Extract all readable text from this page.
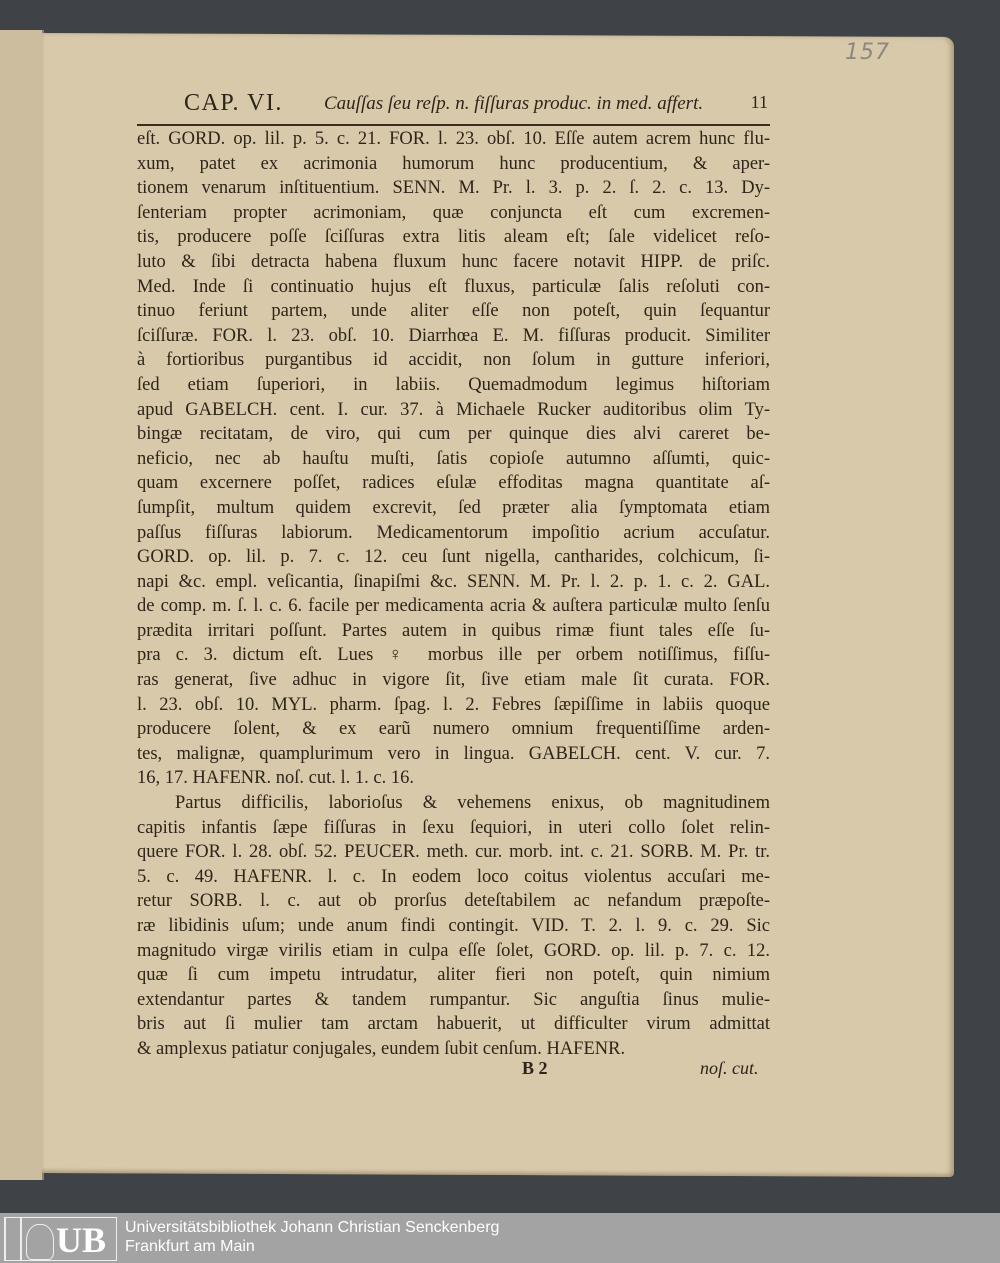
157
CAP. VI. Cauſſas ſeu reſp. n. fiſſuras produc. in med. affert.	11
eſt. GORD. op. lil. p. 5. c. 21. FOR. l. 23. obſ. 10. Eſſe autem acrem hunc flu-
xum, patet ex acrimonia humorum hunc producentium, & aper-
tionem venarum inſtituentium. SENN. M. Pr. l. 3. p. 2. ſ. 2. c. 13. Dy-
ſenteriam propter acrimoniam, quæ conjuncta eſt cum excremen-
tis, producere poſſe ſciſſuras extra litis aleam eſt; ſale videlicet reſo-
luto & ſibi detracta habena fluxum hunc facere notavit HIPP. de priſc.
Med. Inde ſi continuatio hujus eſt fluxus, particulæ ſalis reſoluti con-
tinuo feriunt partem, unde aliter eſſe non poteſt, quin ſequantur
ſciſſuræ. FOR. l. 23. obſ. 10. Diarrhœa E. M. fiſſuras producit. Similiter
à fortioribus purgantibus id accidit, non ſolum in gutture inferiori,
ſed etiam ſuperiori, in labiis. Quemadmodum legimus hiſtoriam
apud GABELCH. cent. I. cur. 37. à Michaele Rucker auditoribus olim Ty-
bingæ recitatam, de viro, qui cum per quinque dies alvi careret be-
neficio, nec ab hauſtu muſti, ſatis copioſe autumno aſſumti, quic-
quam excernere poſſet, radices eſulæ effoditas magna quantitate aſ-
ſumpſit, multum quidem excrevit, ſed præter alia ſymptomata etiam
paſſus fiſſuras labiorum. Medicamentorum impoſitio acrium accuſatur.
GORD. op. lil. p. 7. c. 12. ceu ſunt nigella, cantharides, colchicum, ſi-
napi &c. empl. veſicantia, ſinapiſmi &c. SENN. M. Pr. l. 2. p. 1. c. 2. GAL.
de comp. m. ſ. l. c. 6. facile per medicamenta acria & auſtera particulæ multo ſenſu
prædita irritari poſſunt. Partes autem in quibus rimæ fiunt tales eſſe ſu-
pra c. 3. dictum eſt. Lues ♀ morbus ille per orbem notiſſimus, fiſſu-
ras generat, ſive adhuc in vigore ſit, ſive etiam male ſit curata. FOR.
l. 23. obſ. 10. MYL. pharm. ſpag. l. 2. Febres ſæpiſſime in labiis quoque
producere ſolent, & ex earũ numero omnium frequentiſſime arden-
tes, malignæ, quamplurimum vero in lingua. GABELCH. cent. V. cur. 7.
16, 17. HAFENR. noſ. cut. l. 1. c. 16.
Partus difficilis, laborioſus & vehemens enixus, ob magnitudinem
capitis infantis ſæpe fiſſuras in ſexu ſequiori, in uteri collo ſolet relin-
quere FOR. l. 28. obſ. 52. PEUCER. meth. cur. morb. int. c. 21. SORB. M. Pr. tr.
5. c. 49. HAFENR. l. c. In eodem loco coitus violentus accuſari me-
retur SORB. l. c. aut ob prorſus deteſtabilem ac nefandum præpoſte-
ræ libidinis uſum; unde anum findi contingit. VID. T. 2. l. 9. c. 29. Sic
magnitudo virgæ virilis etiam in culpa eſſe ſolet, GORD. op. lil. p. 7. c. 12.
quæ ſi cum impetu intrudatur, aliter fieri non poteſt, quin nimium
extendantur partes & tandem rumpantur. Sic anguſtia ſinus mulie-
bris aut ſi mulier tam arctam habuerit, ut difficulter virum admittat
& amplexus patiatur conjugales, eundem ſubit cenſum. HAFENR.
B 2	noſ. cut.
UB Universitätsbibliothek Johann Christian Senckenberg
Frankfurt am Main
